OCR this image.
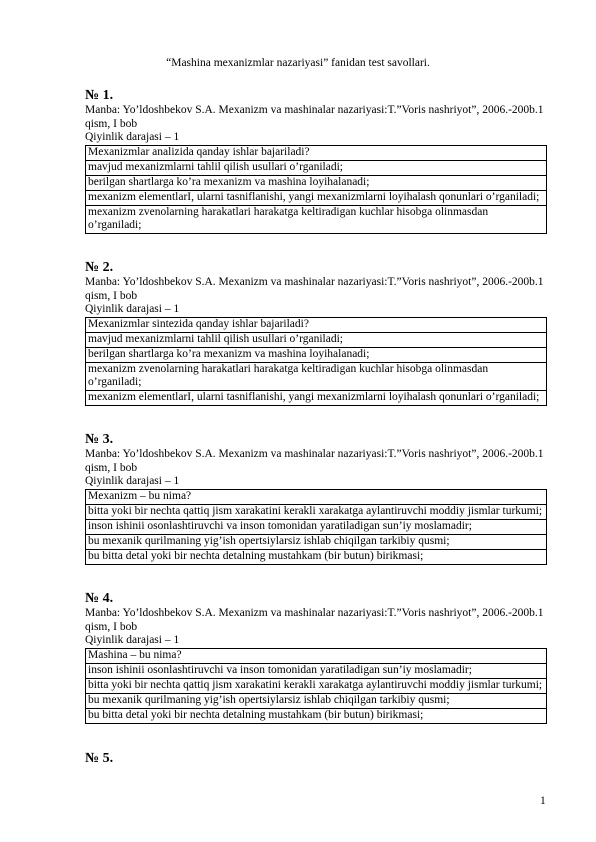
“Mashina mexanizmlar nazariyasi” fanidan test savollari.
№ 1.
Manba: Yo’ldoshbekov S.A. Mexanizm va mashinalar nazariyasi:T.”Voris nashriyot”, 2006.-200b.1 qism, I bob
Qiyinlik darajasi – 1
Mexanizmlar analizida qanday ishlar bajariladi?
mavjud mexanizmlarni tahlil qilish usullari o’rganiladi;
berilgan shartlarga ko’ra mexanizm va mashina loyihalanadi;
mexanizm elementlarI, ularni tasniflanishi, yangi mexanizmlarni loyihalash qonunlari o’rganiladi;
mexanizm zvenolarning harakatlari harakatga keltiradigan kuchlar hisobga olinmasdan o’rganiladi;
№ 2.
Manba: Yo’ldoshbekov S.A. Mexanizm va mashinalar nazariyasi:T.”Voris nashriyot”, 2006.-200b.1 qism, I bob
Qiyinlik darajasi – 1
Mexanizmlar sintezida qanday ishlar bajariladi?
mavjud mexanizmlarni tahlil qilish usullari o’rganiladi;
berilgan shartlarga ko’ra mexanizm va mashina loyihalanadi;
mexanizm zvenolarning harakatlari harakatga keltiradigan kuchlar hisobga olinmasdan o’rganiladi;
mexanizm elementlarI, ularni tasniflanishi, yangi mexanizmlarni loyihalash qonunlari o’rganiladi;
№ 3.
Manba: Yo’ldoshbekov S.A. Mexanizm va mashinalar nazariyasi:T.”Voris nashriyot”, 2006.-200b.1 qism, I bob
Qiyinlik darajasi – 1
Mexanizm – bu nima?
bitta yoki bir nechta qattiq jism xarakatini kerakli xarakatga aylantiruvchi moddiy jismlar turkumi;
inson ishinii osonlashtiruvchi va inson tomonidan yaratiladigan sun’iy moslamadir;
bu mexanik qurilmaning yig’ish opertsiylarsiz ishlab chiqilgan tarkibiy qusmi;
bu bitta detal yoki bir nechta detalning mustahkam (bir butun) birikmasi;
№ 4.
Manba: Yo’ldoshbekov S.A. Mexanizm va mashinalar nazariyasi:T.”Voris nashriyot”, 2006.-200b.1 qism, I bob
Qiyinlik darajasi – 1
Mashina – bu nima?
inson ishinii osonlashtiruvchi va inson tomonidan yaratiladigan sun’iy moslamadir;
bitta yoki bir nechta qattiq jism xarakatini kerakli xarakatga aylantiruvchi moddiy jismlar turkumi;
bu mexanik qurilmaning yig’ish opertsiylarsiz ishlab chiqilgan tarkibiy qusmi;
bu bitta detal yoki bir nechta detalning mustahkam (bir butun) birikmasi;
№ 5.
1
